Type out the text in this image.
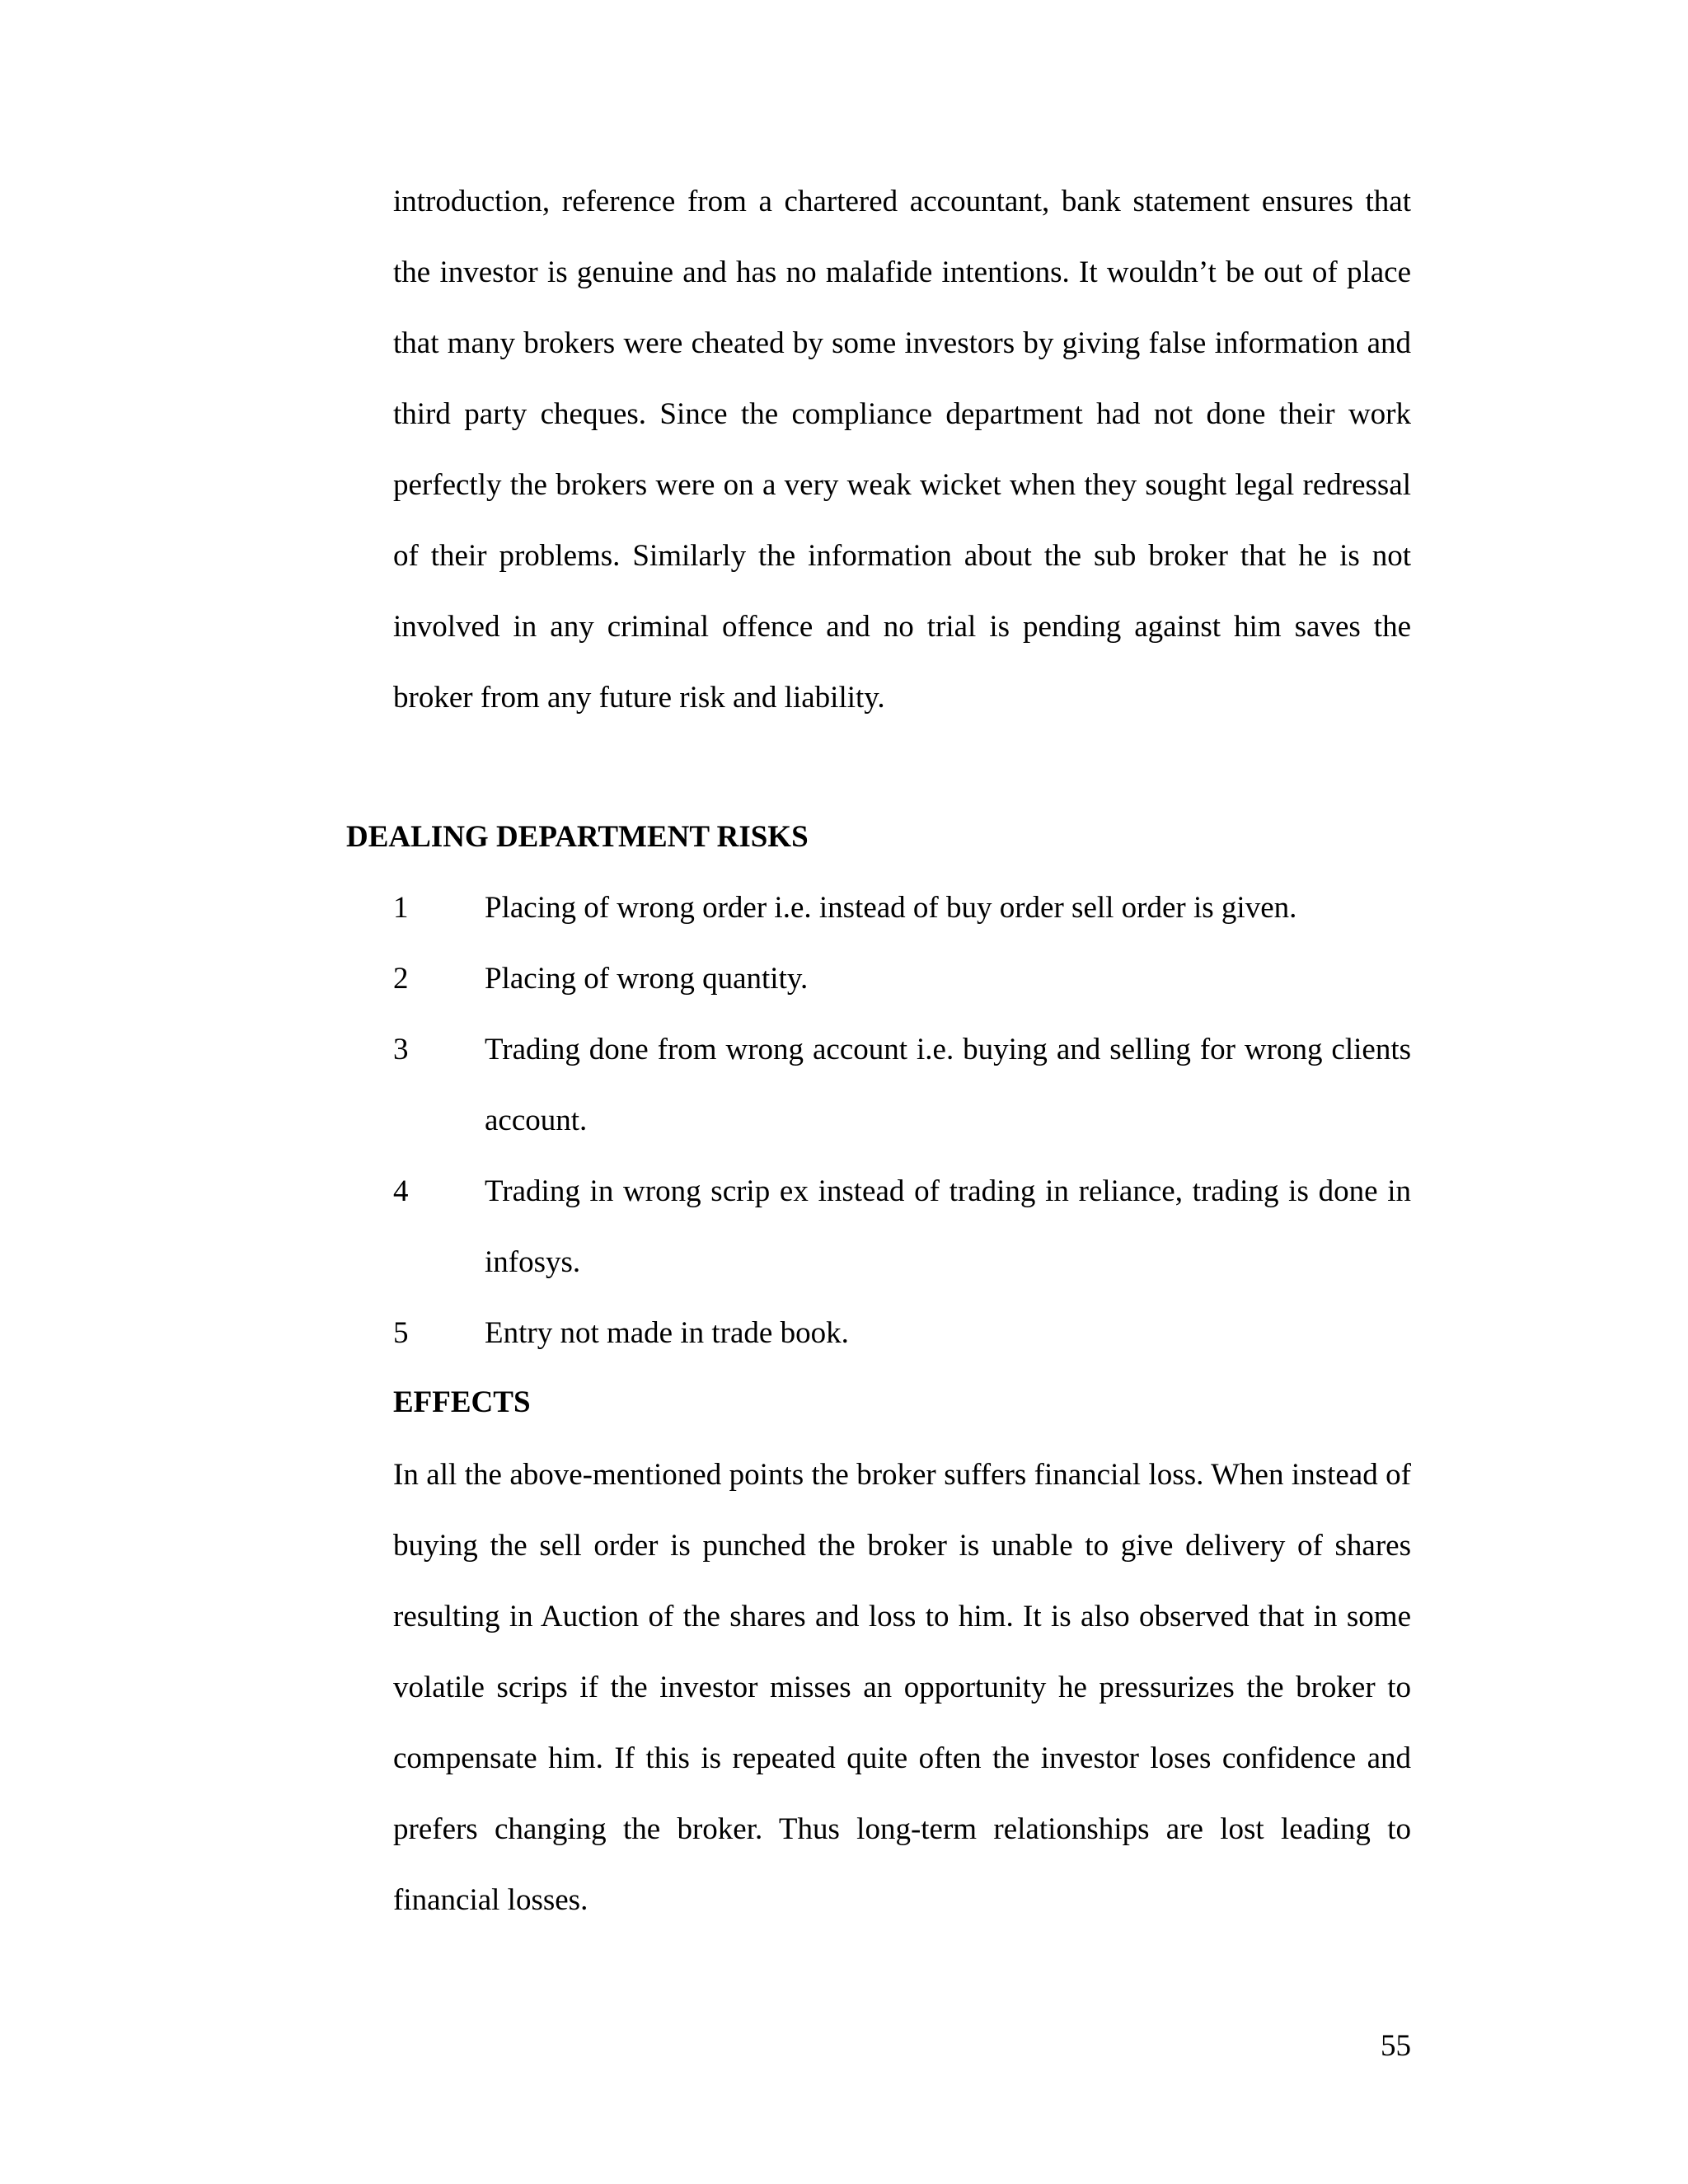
introduction, reference from a chartered accountant, bank statement ensures that the investor is genuine and has no malafide intentions. It wouldn’t be out of place that many brokers were cheated by some investors by giving false information and third party cheques. Since the compliance department had not done their work perfectly the brokers were on a very weak wicket when they sought legal redressal of their problems. Similarly the information about the sub broker that he is not involved in any criminal offence and no trial is pending against him saves the broker from any future risk and liability.

DEALING DEPARTMENT RISKS
1	Placing of wrong order i.e. instead of buy order sell order is given.
2	Placing of wrong quantity.
3	Trading done from wrong account i.e. buying and selling for wrong clients account.
4	Trading in wrong scrip ex instead of trading in reliance, trading is done in infosys.
5	Entry not made in trade book.
EFFECTS

In all the above-mentioned points the broker suffers financial loss. When instead of buying the sell order is punched the broker is unable to give delivery of shares resulting in Auction of the shares and loss to him. It is also observed that in some volatile scrips if the investor misses an opportunity he pressurizes the broker to compensate him. If this is repeated quite often the investor loses confidence and prefers changing the broker. Thus long-term relationships are lost leading to financial losses.

55
